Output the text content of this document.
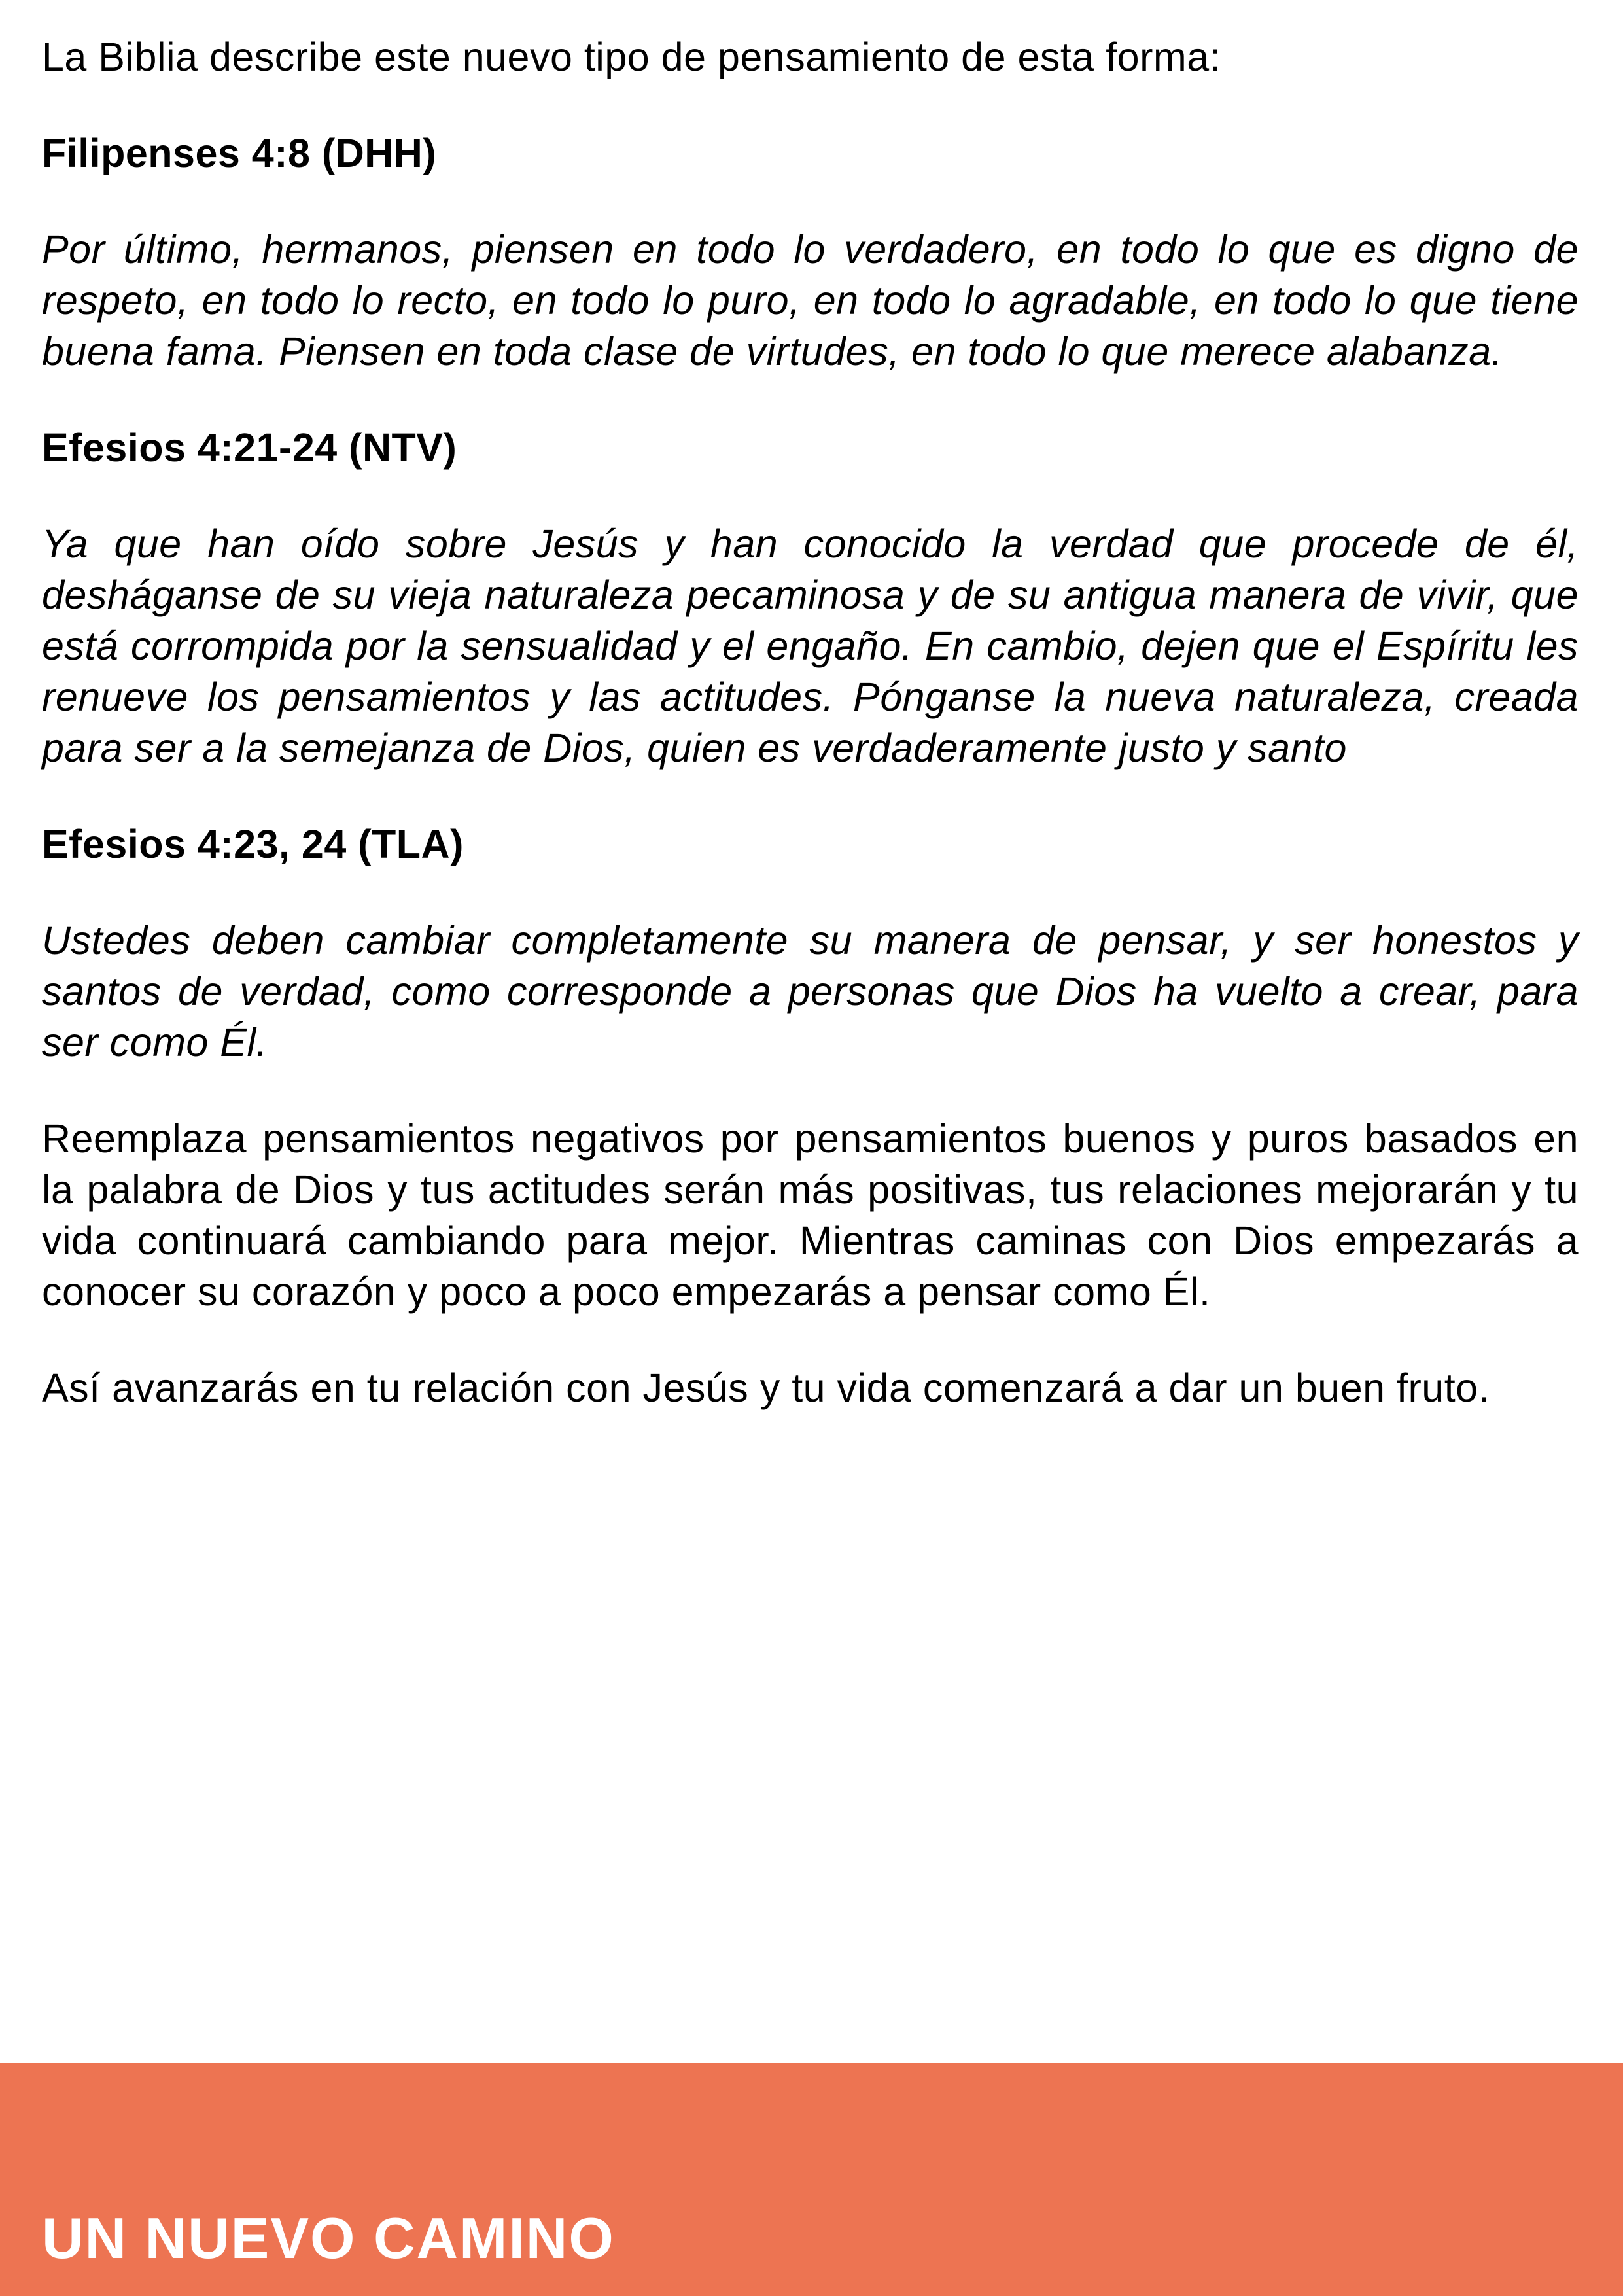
La Biblia describe este nuevo tipo de pensamiento de esta forma:

Filipenses 4:8 (DHH)

Por último, hermanos, piensen en todo lo verdadero, en todo lo que es digno de respeto, en todo lo recto, en todo lo puro, en todo lo agradable, en todo lo que tiene buena fama. Piensen en toda clase de virtudes, en todo lo que merece alabanza.

Efesios 4:21-24 (NTV)

Ya que han oído sobre Jesús y han conocido la verdad que procede de él, desháganse de su vieja naturaleza pecaminosa y de su antigua manera de vivir, que está corrompida por la sensualidad y el engaño. En cambio, dejen que el Espíritu les renueve los pensamientos y las actitudes. Pónganse la nueva naturaleza, creada para ser a la semejanza de Dios, quien es verdaderamente justo y santo

Efesios 4:23, 24 (TLA)

Ustedes deben cambiar completamente su manera de pensar, y ser honestos y santos de verdad, como corresponde a personas que Dios ha vuelto a crear, para ser como Él.

Reemplaza pensamientos negativos por pensamientos buenos y puros basados en la palabra de Dios y tus actitudes serán más positivas, tus relaciones mejorarán y tu vida continuará cambiando para mejor. Mientras caminas con Dios empezarás a conocer su corazón y poco a poco empezarás a pensar como Él.

Así avanzarás en tu relación con Jesús y tu vida comenzará a dar un buen fruto.

UN NUEVO CAMINO
